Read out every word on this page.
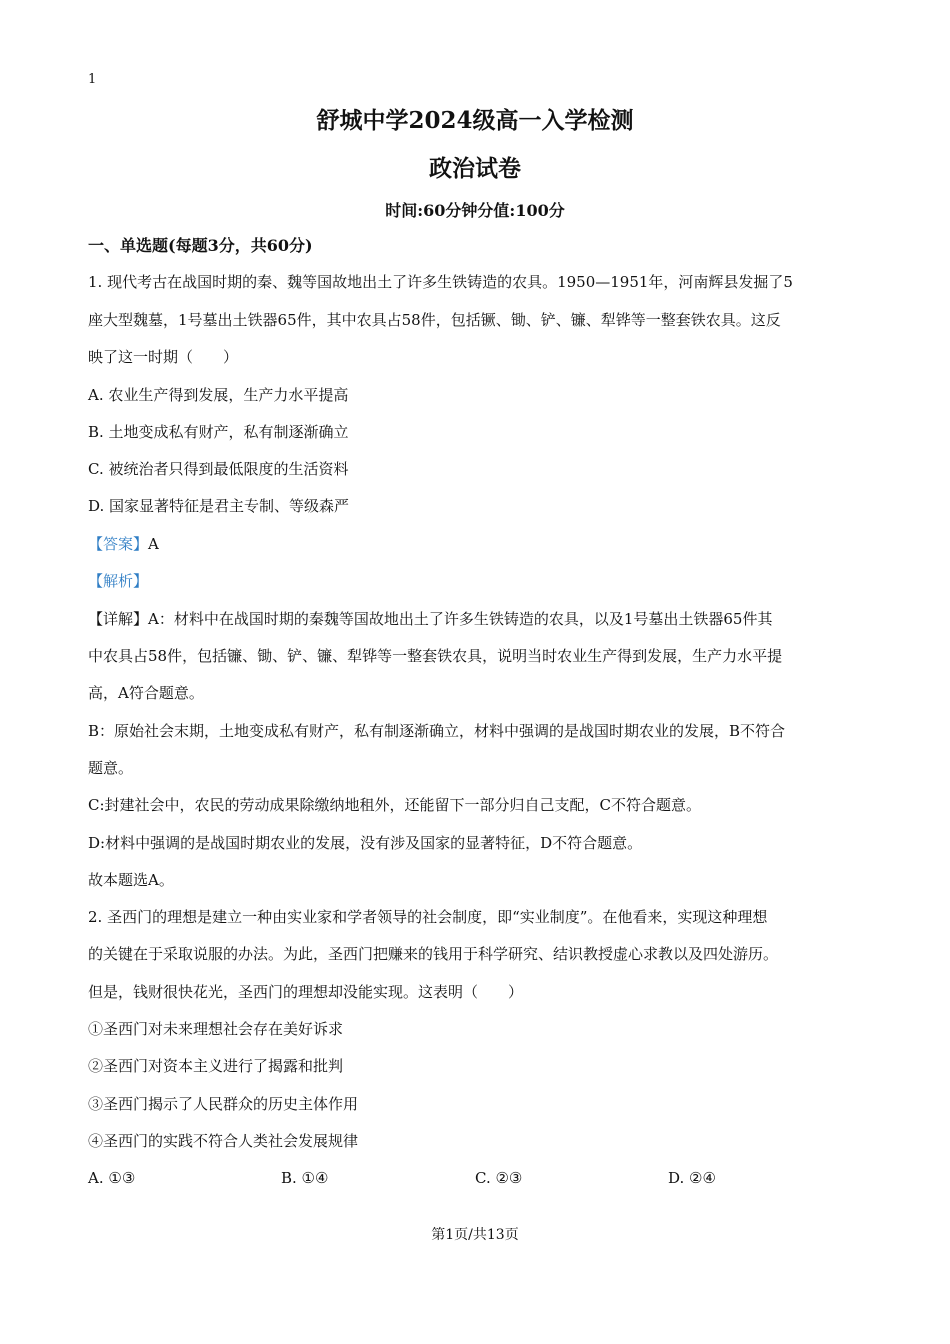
1
舒城中学2024级高一入学检测
政治试卷
时间:60分钟分值:100分
一、单选题(每题3分，共60分)
1. 现代考古在战国时期的秦、魏等国故地出土了许多生铁铸造的农具。1950—1951年，河南辉县发掘了5
座大型魏墓，1号墓出土铁器65件，其中农具占58件，包括镢、锄、铲、镰、犁铧等一整套铁农具。这反
映了这一时期（　　）
A. 农业生产得到发展，生产力水平提高
B. 土地变成私有财产，私有制逐渐确立
C. 被统治者只得到最低限度的生活资料
D. 国家显著特征是君主专制、等级森严
【答案】A
【解析】
【详解】A：材料中在战国时期的秦魏等国故地出土了许多生铁铸造的农具，以及1号墓出土铁器65件其
中农具占58件，包括镰、锄、铲、镰、犁铧等一整套铁农具，说明当时农业生产得到发展，生产力水平提
高，A符合题意。
B：原始社会末期，土地变成私有财产，私有制逐渐确立，材料中强调的是战国时期农业的发展，B不符合
题意。
C:封建社会中，农民的劳动成果除缴纳地租外，还能留下一部分归自己支配，C不符合题意。
D:材料中强调的是战国时期农业的发展，没有涉及国家的显著特征，D不符合题意。
故本题选A。
2. 圣西门的理想是建立一种由实业家和学者领导的社会制度，即“实业制度”。在他看来，实现这种理想
的关键在于采取说服的办法。为此，圣西门把赚来的钱用于科学研究、结识教授虚心求教以及四处游历。
但是，钱财很快花光，圣西门的理想却没能实现。这表明（　　）
①圣西门对未来理想社会存在美好诉求
②圣西门对资本主义进行了揭露和批判
③圣西门揭示了人民群众的历史主体作用
④圣西门的实践不符合人类社会发展规律
A. ①③	B. ①④	C. ②③	D. ②④
第1页/共13页
